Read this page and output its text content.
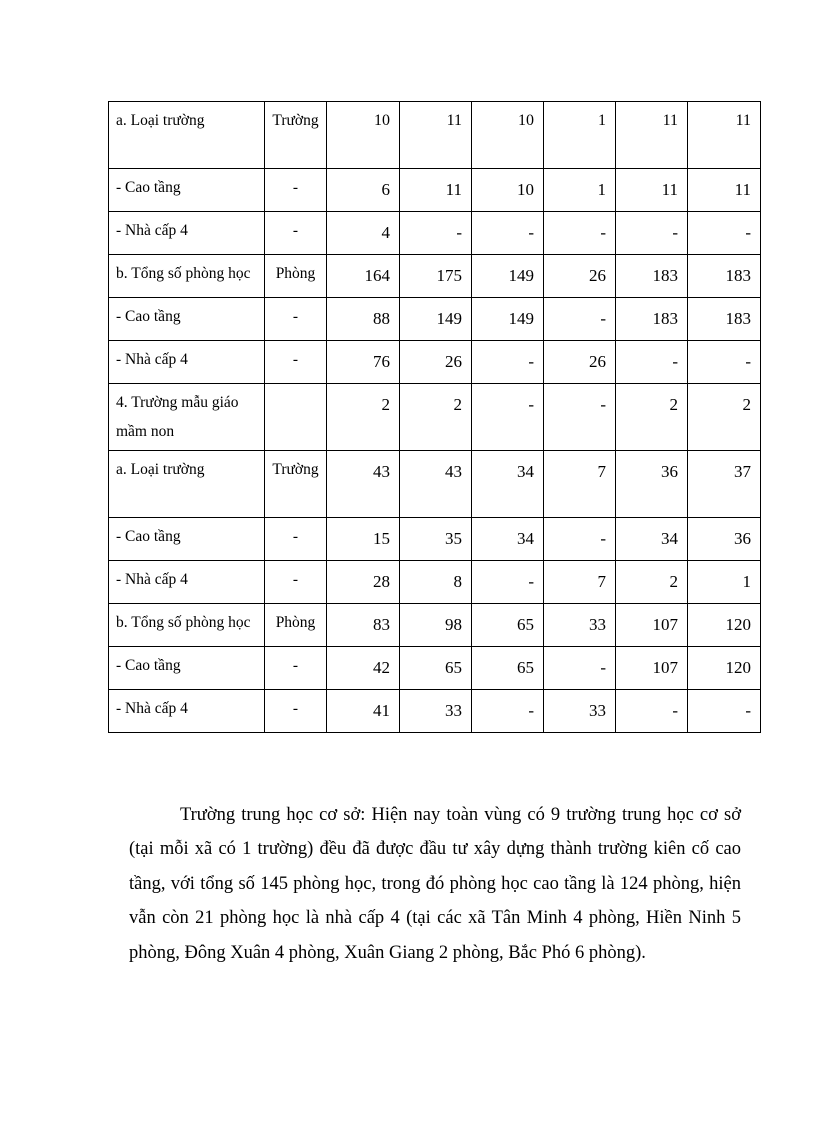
a. Loại trường	Trường	10	11	10	1	11	11
- Cao tầng	-	6	11	10	1	11	11
- Nhà cấp 4	-	4	-	-	-	-	-
b. Tổng số phòng học	Phòng	164	175	149	26	183	183
- Cao tầng	-	88	149	149	-	183	183
- Nhà cấp 4	-	76	26	-	26	-	-
4. Trường mẫu giáo mầm non		2	2	-	-	2	2
a. Loại trường	Trường	43	43	34	7	36	37
- Cao tầng	-	15	35	34	-	34	36
- Nhà cấp 4	-	28	8	-	7	2	1
b. Tổng số phòng học	Phòng	83	98	65	33	107	120
- Cao tầng	-	42	65	65	-	107	120
- Nhà cấp 4	-	41	33	-	33	-	-

Trường trung học cơ sở: Hiện nay toàn vùng có 9 trường trung học cơ sở (tại mỗi xã có 1 trường) đều đã được đầu tư xây dựng thành trường kiên cố cao tầng, với tổng số 145 phòng học, trong đó phòng học cao tầng là 124 phòng, hiện vẫn còn 21 phòng học là nhà cấp 4 (tại các xã Tân Minh 4 phòng, Hiền Ninh 5 phòng, Đông Xuân 4 phòng, Xuân Giang 2 phòng, Bắc Phó 6 phòng).
